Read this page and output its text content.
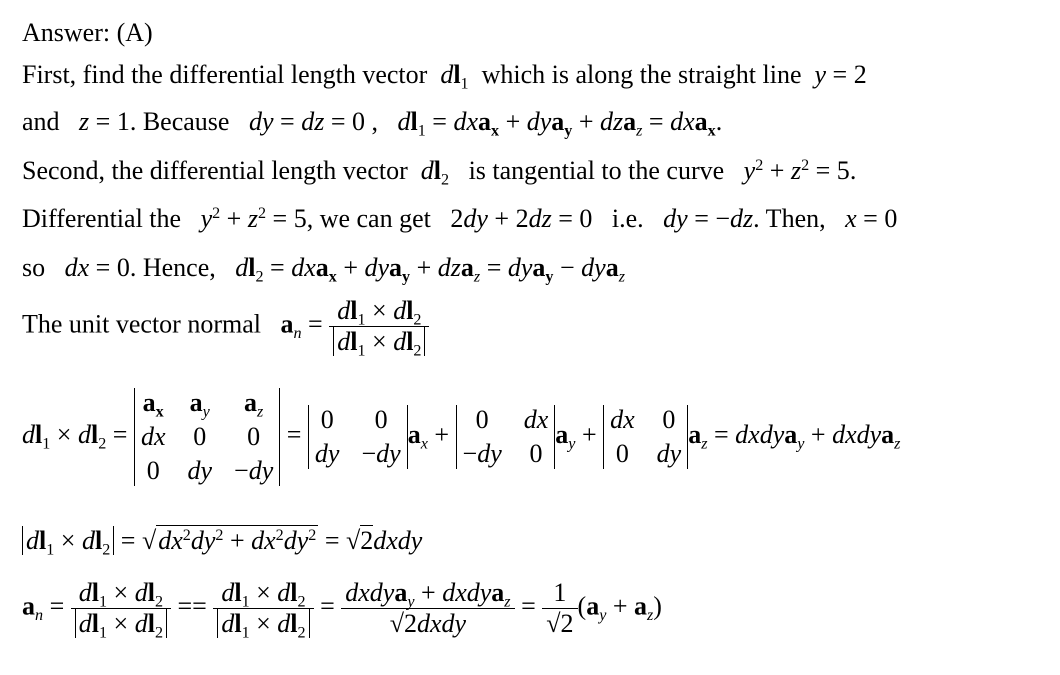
Answer: (A)
First, find the differential length vector $dl_1$ which is along the straight line y = 2
and z = 1. Because dy = dz = 0 ,   $dl_1 = dxa_x + dya_y + dza_z = dxa_x$.
Second, the differential length vector $dl_2$ is tangential to the curve $y^2 + z^2 = 5$.
Differential the $y^2 + z^2 = 5$, we can get   2dy + 2dz = 0   i.e. dy = −dz. Then, x = 0
so dx = 0. Hence, $dl_2 = dxa_x + dya_y + dza_z = dya_y - dya_z$
The unit vector normal $a_n = \frac{dl_1 \times dl_2}{dl_1 \times dl_2}$
$dl_1 \times dl_2$ =
$a_x$ $a_y$	$a_z$
dx 0	0
0 dy −dy
=
0	0
dy −dy
$a_x$ +
0	dx
−dy 0
$a_y$ +
dx 0
0 dy
$a_z$ = dxdya$_y$ + dxdya$_z$
$dl_1 \times dl_2 = √dx^2dy^2 + dx^2dy^2$ = √2dxdy
$a_n = \frac{dl_1 \times dl_2}{dl_1 \times dl_2} == \frac{dl_1 \times dl_2}{dl_1 \times dl_2} = \frac{dxdya_y + dxdya_z}{\text{√2dxdy}} = \frac{1}{√2} (a_y + a_z)$
